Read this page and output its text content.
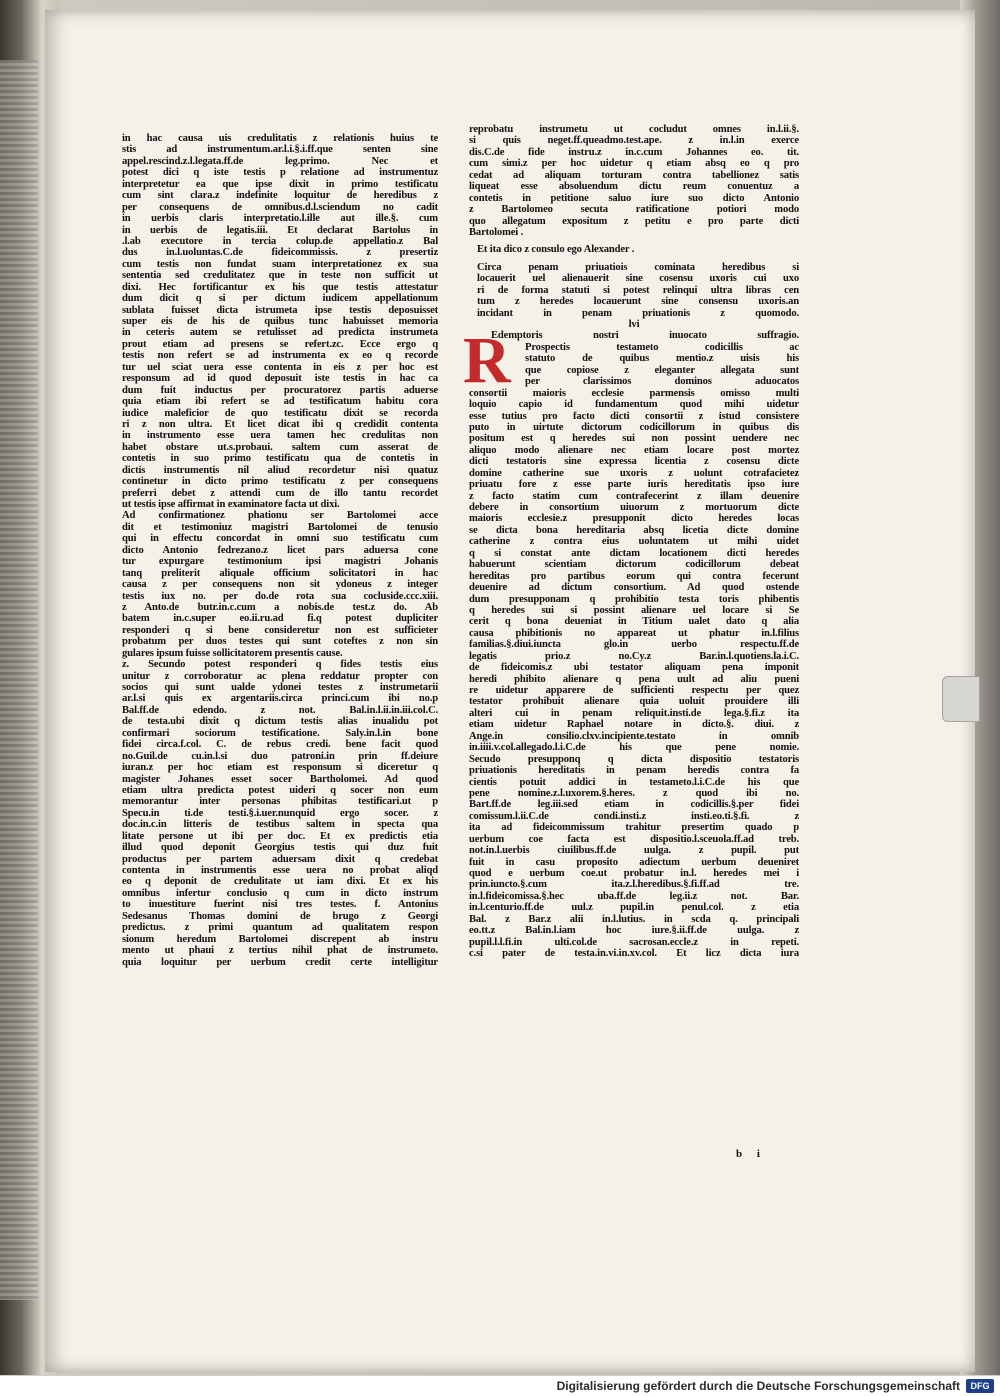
in hac causa uis credulitatis z relationis huius te
stis ad instrumentum.ar.l.i.§.i.ff.que senten sine
appel.rescind.z.l.legata.ff.de leg.primo. Nec et
potest dici q iste testis p relatione ad instrumentuz
interpretetur ea que ipse dixit in primo testificatu
cum sint clara.z indefinite loquitur de heredibus z
per consequens de omnibus.d.l.sciendum no cadit
in uerbis claris interpretatio.l.ille aut ille.§. cum
in uerbis de legatis.iii. Et declarat Bartolus in
.l.ab executore in tercia colup.de appellatio.z Bal
dus in.l.uoluntas.C.de fideicommissis. z presertiz
cum testis non fundat suam interpretationez ex sua
sententia sed credulitatez que in teste non sufficit ut
dixi. Hec fortificantur ex his que testis attestatur
dum dicit q si per dictum iudicem appellationum
sublata fuisset dicta istrumeta ipse testis deposuisset
super eis de his de quibus tunc habuisset memoria
in ceteris autem se retulisset ad predicta instrumeta
prout etiam ad presens se refert.zc. Ecce ergo q
testis non refert se ad instrumenta ex eo q recorde
tur uel sciat uera esse contenta in eis z per hoc est
responsum ad id quod deposuit iste testis in hac ca
dum fuit inductus per procuratorez partis aduerse
quia etiam ibi refert se ad testificatum habitu cora
iudice maleficior de quo testificatu dixit se recorda
ri z non ultra. Et licet dicat ibi q credidit contenta
in instrumento esse uera tamen hec credulitas non
habet obstare ut.s.probaui. saltem cum asserat de
contetis in suo primo testificatu qua de contetis in
dictis instrumentis nil aliud recordetur nisi quatuz
continetur in dicto primo testificatu z per consequens
preferri debet z attendi cum de illo tantu recordet
ut testis ipse affirmat in examinatore facta ut dixi.
Ad confirmationez phationu ser Bartolomei acce
dit et testimoniuz magistri Bartolomei de tenusio
qui in effectu concordat in omni suo testificatu cum
dicto Antonio fedrezano.z licet pars aduersa cone
tur expurgare testimonium ipsi magistri Johanis
tanq preliterit aliquale officium solicitatori in hac
causa z per consequens non sit ydoneus z integer
testis iux no. per do.de rota sua cocluside.ccc.xiii.
z Anto.de butr.in.c.cum a nobis.de test.z do. Ab
batem in.c.super eo.ii.ru.ad fi.q potest dupliciter
responderi q si bene consideretur non est sufficieter
probatum per duos testes qui sunt coteftes z non sin
gulares ipsum fuisse sollicitatorem presentis cause.
z. Secundo potest responderi q fides testis eius
unitur z corroboratur ac plena reddatur propter con
socios qui sunt ualde ydonei testes z instrumetarii
ar.l.si quis ex argentariis.circa princi.cum ibi no.p
Bal.ff.de edendo. z not. Bal.in.l.ii.in.iii.col.C.
de testa.ubi dixit q dictum testis alias inualidu pot
confirmari sociorum testificatione. Saly.in.l.in bone
fidei circa.f.col. C. de rebus credi. bene facit quod
no.Guil.de cu.in.l.si duo patroni.in prin ff.deiure
iuran.z per hoc etiam est responsum si diceretur q
magister Johanes esset socer Bartholomei. Ad quod
etiam ultra predicta potest uideri q socer non eum
memorantur inter personas phibitas testificari.ut p
Specu.in ti.de testi.§.i.uer.nunquid ergo socer. z
doc.in.c.in litteris de testibus saltem in specta qua
litate persone ut ibi per doc. Et ex predictis etia
illud quod deponit Georgius testis qui duz fuit
productus per partem aduersam dixit q credebat
contenta in instrumentis esse uera no probat aliqd
eo q deponit de credulitate ut iam dixi. Et ex his
omnibus infertur conclusio q cum in dicto instrum
to inuestiture fuerint nisi tres testes. f. Antonius
Sedesanus Thomas domini de brugo z Georgi
predictus. z primi quantum ad qualitatem respon
sionum heredum Bartolomei discrepent ab instru
mento ut phaui z tertius nihil phat de instrumeto.
quia loquitur per uerbum credit certe intelligitur
reprobatu instrumetu ut cocludut omnes in.l.ii.§.
si quis neget.ff.queadmo.test.ape. z in.l.in exerce
dis.C.de fide instru.z in.c.cum Johannes eo. tit.
cum simi.z per hoc uidetur q etiam absq eo q pro
cedat ad aliquam torturam contra tabellionez satis
liqueat esse absoluendum dictu reum conuentuz a
contetis in petitione saluo iure suo dicto Antonio
z Bartolomeo secuta ratificatione potiori modo
quo allegatum expositum z petitu e pro parte dicti
Bartolomei .
Et ita dico z consulo ego Alexander .
Circa penam priuatiois cominata heredibus si
locauerit uel alienauerit sine cosensu uxoris cui uxo
ri de forma statuti si potest relinqui ultra libras cen
tum z heredes locauerunt sine consensu uxoris.an
incidant in penam priuationis z quomodo.
lvi
R
Edemptoris nostri inuocato suffragio.
Prospectis testameto codicillis ac
statuto de quibus mentio.z uisis his
que copiose z eleganter allegata sunt
per clarissimos dominos aduocatos
consortii maioris ecclesie parmensis omisso multi
loquio capio id fundamentum quod mihi uidetur
esse tutius pro facto dicti consortii z istud consistere
puto in uirtute dictorum codicillorum in quibus dis
positum est q heredes sui non possint uendere nec
aliquo modo alienare nec etiam locare post mortez
dicti testatoris sine expressa licentia z cosensu dicte
domine catherine sue uxoris z uolunt cotrafacietez
priuatu fore z esse parte iuris hereditatis ipso iure
z facto statim cum contrafecerint z illam deuenire
debere in consortium uiuorum z mortuorum dicte
maioris ecclesie.z presupponit dicto heredes locas
se dicta bona hereditaria absq licetia dicte domine
catherine z contra eius uoluntatem ut mihi uidet
q si constat ante dictam locationem dicti heredes
habuerunt scientiam dictorum codicillorum debeat
hereditas pro partibus eorum qui contra fecerunt
deuenire ad dictum consortium. Ad quod ostende
dum presupponam q prohibitio testa toris phibentis
q heredes sui si possint alienare uel locare si Se
cerit q bona deueniat in Titium ualet dato q alia
causa phibitionis no appareat ut phatur in.l.filius
familias.§.diui.iuncta glo.in uerbo respectu.ff.de
legatis prio.z no.Cy.z Bar.in.l.quotiens.la.i.C.
de fideicomis.z ubi testator aliquam pena imponit
heredi phibito alienare q pena uult ad aliu pueni
re uidetur apparere de sufficienti respectu per quez
testator prohibuit alienare quia uoluit prouidere illi
alteri cui in penam reliquit.insti.de lega.§.fi.z ita
etiam uidetur Raphael notare in dicto.§. diui. z
Ange.in consilio.clxv.incipiente.testato in omnib
in.iiii.v.col.allegado.l.i.C.de his que pene nomie.
Secudo presupponq q dicta dispositio testatoris
priuationis hereditatis in penam heredis contra fa
cientis potuit addici in testameto.l.i.C.de his que
pene nomine.z.l.uxorem.§.heres. z quod ibi no.
Bart.ff.de leg.iii.sed etiam in codicillis.§.per fidei
comissum.l.ii.C.de condi.insti.z insti.eo.ti.§.fi. z
ita ad fideicommissum trahitur presertim quado p
uerbum coe facta est dispositio.l.sceuola.ff.ad treb.
not.in.l.uerbis ciuilibus.ff.de uulga. z pupil. put
fuit in casu proposito adiectum uerbum deueniret
quod e uerbum coe.ut probatur in.l. heredes mei i
prin.iuncto.§.cum ita.z.l.heredibus.§.fi.ff.ad tre.
in.l.fideicomissa.§.hec uba.ff.de leg.ii.z not. Bar.
in.l.centurio.ff.de uul.z pupil.in penul.col. z etia
Bal. z Bar.z alii in.l.lutius. in scda q. principali
eo.tt.z Bal.in.l.iam hoc iure.§.ii.ff.de uulga. z
pupil.l.l.fi.in ulti.col.de sacrosan.eccle.z in repeti.
c.si pater de testa.in.vi.in.xv.col. Et licz dicta iura
b i
Digitalisierung gefördert durch die Deutsche Forschungsgemeinschaft	DFG
